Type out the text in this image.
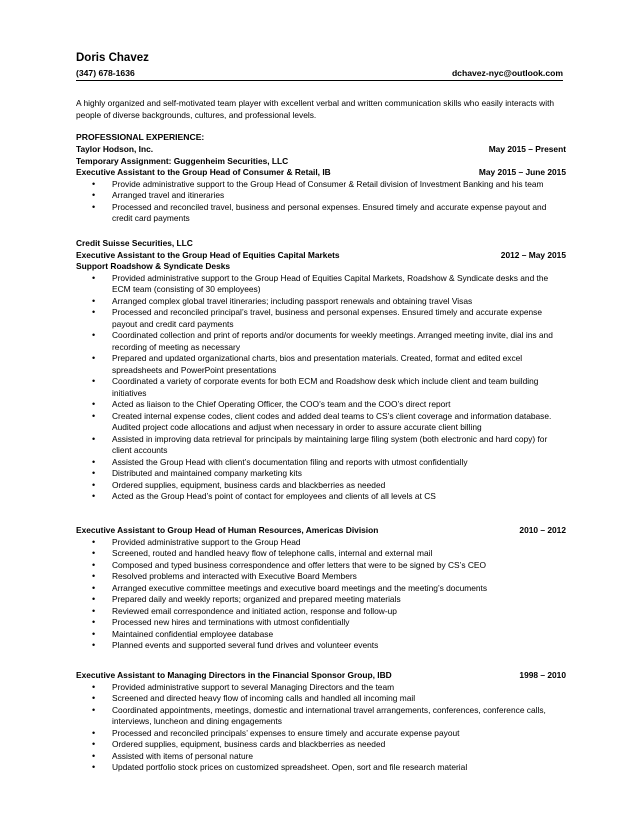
Doris Chavez
(347) 678-1636	dchavez-nyc@outlook.com
A highly organized and self-motivated team player with excellent verbal and written communication skills who easily interacts with people of diverse backgrounds, cultures, and professional levels.
PROFESSIONAL EXPERIENCE:
Taylor Hodson, Inc.	May 2015 – Present
Temporary Assignment: Guggenheim Securities, LLC
Executive Assistant to the Group Head of Consumer & Retail, IB	May 2015 – June 2015
• Provide administrative support to the Group Head of Consumer & Retail division of Investment Banking and his team
• Arranged travel and itineraries
• Processed and reconciled travel, business and personal expenses. Ensured timely and accurate expense payout and credit card payments
Credit Suisse Securities, LLC
Executive Assistant to the Group Head of Equities Capital Markets	2012 – May 2015
Support Roadshow & Syndicate Desks
• Provided administrative support to the Group Head of Equities Capital Markets, Roadshow & Syndicate desks and the ECM team (consisting of 30 employees)
• Arranged complex global travel itineraries; including passport renewals and obtaining travel Visas
• Processed and reconciled principal’s travel, business and personal expenses. Ensured timely and accurate expense payout and credit card payments
• Coordinated collection and print of reports and/or documents for weekly meetings. Arranged meeting invite, dial ins and recording of meeting as necessary
• Prepared and updated organizational charts, bios and presentation materials. Created, format and edited excel spreadsheets and PowerPoint presentations
• Coordinated a variety of corporate events for both ECM and Roadshow desk which include client and team building initiatives
• Acted as liaison to the Chief Operating Officer, the COO’s team and the COO’s direct report
• Created internal expense codes, client codes and added deal teams to CS’s client coverage and information database. Audited project code allocations and adjust when necessary in order to assure accurate client billing
• Assisted in improving data retrieval for principals by maintaining large filing system (both electronic and hard copy) for client accounts
• Assisted the Group Head with client’s documentation filing and reports with utmost confidentially
• Distributed and maintained company marketing kits
• Ordered supplies, equipment, business cards and blackberries as needed
• Acted as the Group Head’s point of contact for employees and clients of all levels at CS
Executive Assistant to Group Head of Human Resources, Americas Division	2010 – 2012
• Provided administrative support to the Group Head
• Screened, routed and handled heavy flow of telephone calls, internal and external mail
• Composed and typed business correspondence and offer letters that were to be signed by CS’s CEO
• Resolved problems and interacted with Executive Board Members
• Arranged executive committee meetings and executive board meetings and the meeting’s documents
• Prepared daily and weekly reports; organized and prepared meeting materials
• Reviewed email correspondence and initiated action, response and follow-up
• Processed new hires and terminations with utmost confidentially
• Maintained confidential employee database
• Planned events and supported several fund drives and volunteer events
Executive Assistant to Managing Directors in the Financial Sponsor Group, IBD	1998 – 2010
• Provided administrative support to several Managing Directors and the team
• Screened and directed heavy flow of incoming calls and handled all incoming mail
• Coordinated appointments, meetings, domestic and international travel arrangements, conferences, conference calls, interviews, luncheon and dining engagements
• Processed and reconciled principals’ expenses to ensure timely and accurate expense payout
• Ordered supplies, equipment, business cards and blackberries as needed
• Assisted with items of personal nature
• Updated portfolio stock prices on customized spreadsheet. Open, sort and file research material
